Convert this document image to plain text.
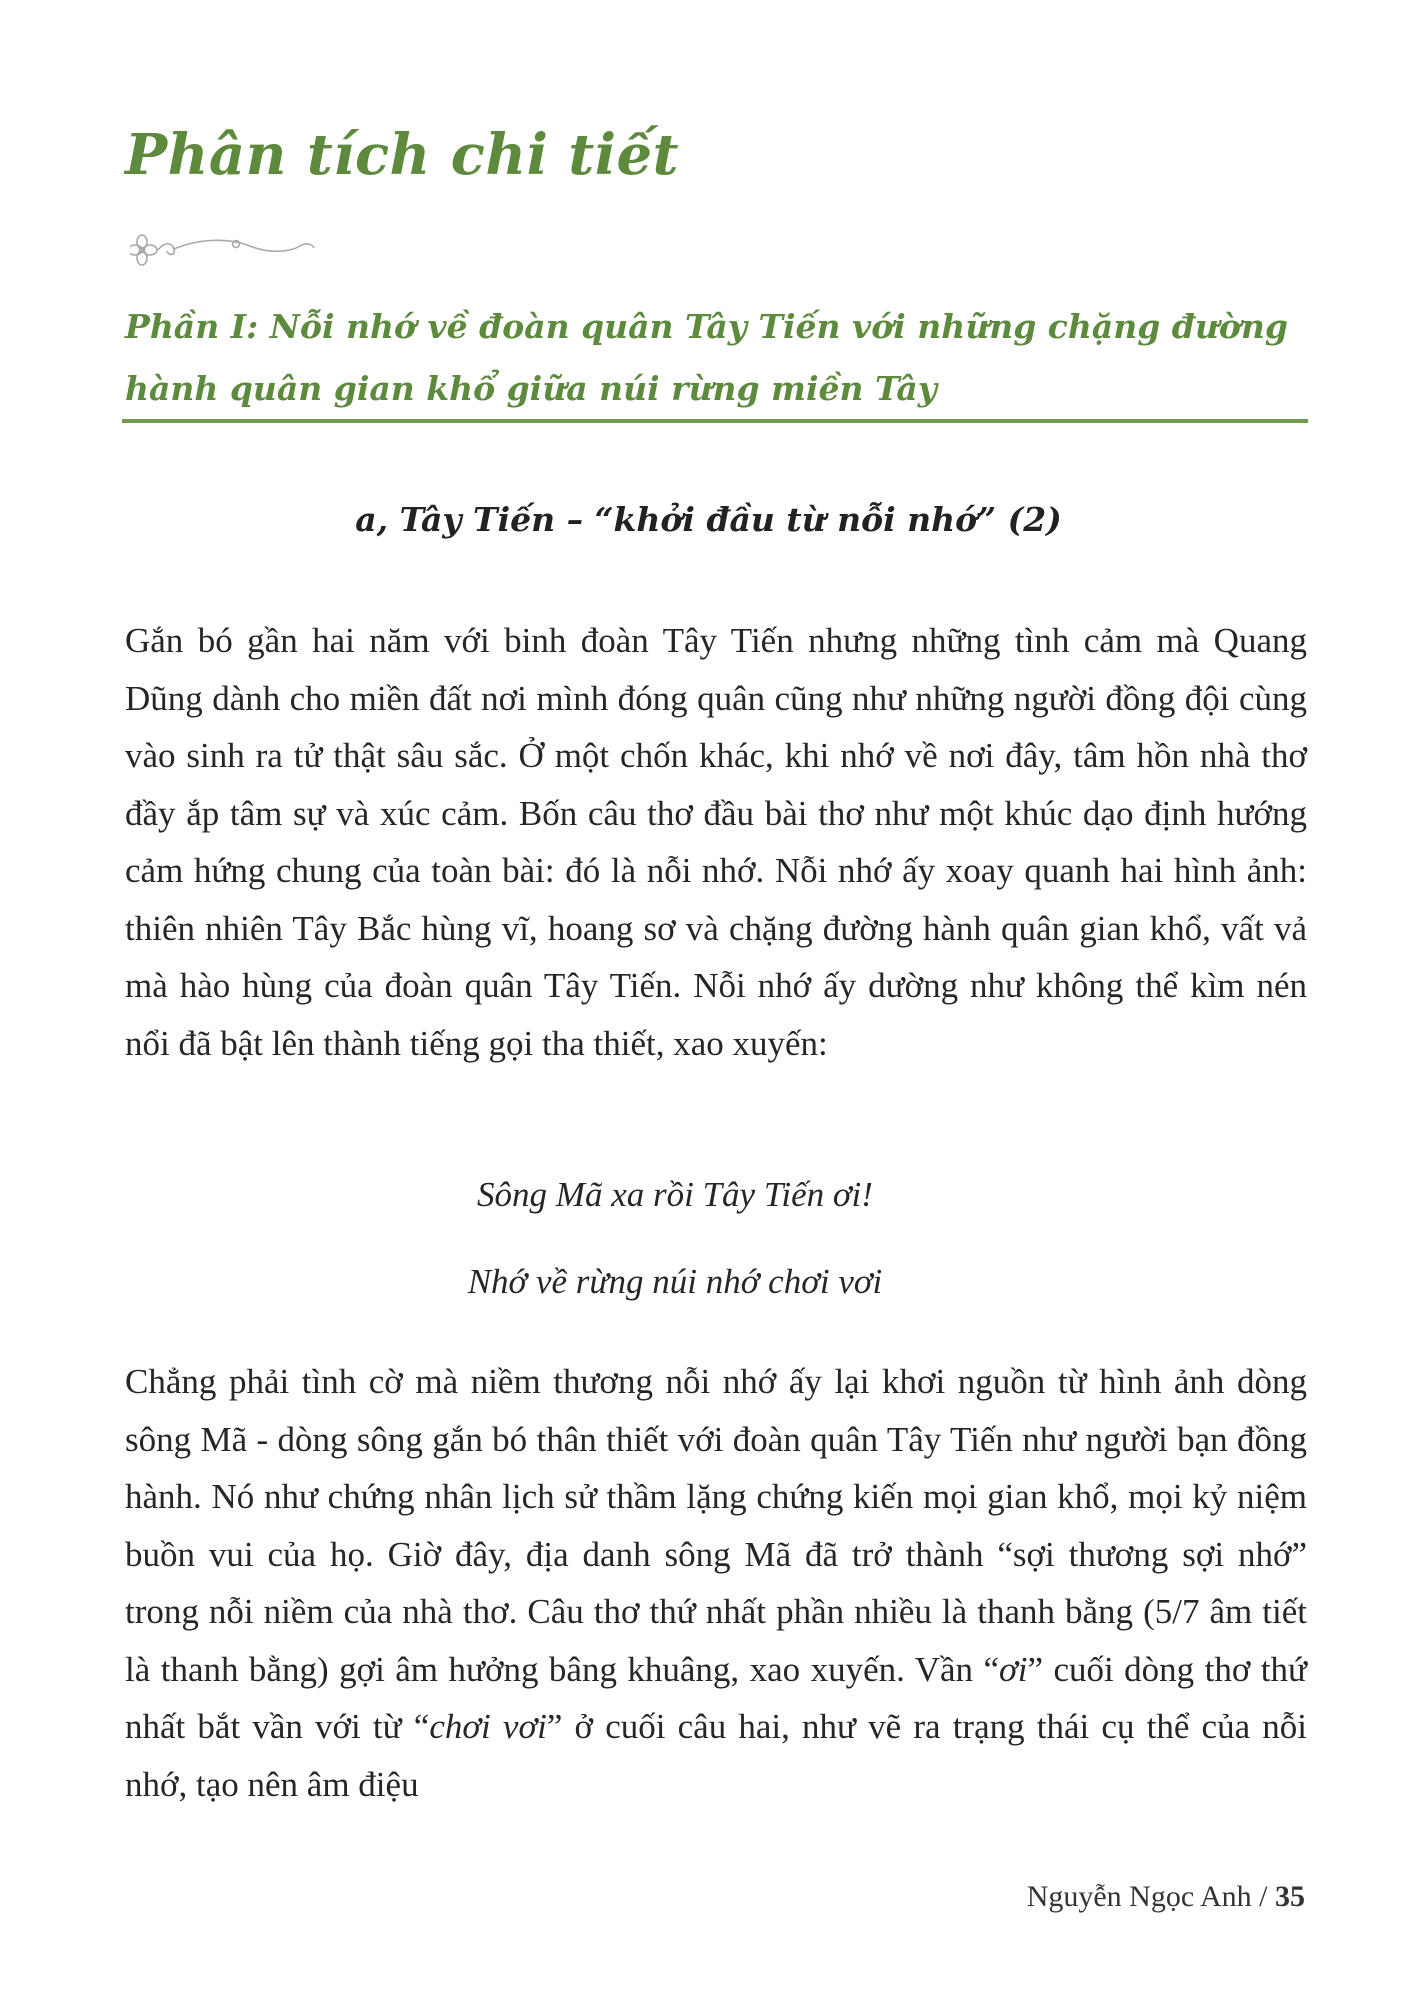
Phân tích chi tiết
Phần I: Nỗi nhớ về đoàn quân Tây Tiến với những chặng đường hành quân gian khổ giữa núi rừng miền Tây
a, Tây Tiến – “khởi đầu từ nỗi nhớ” (2)

Gắn bó gần hai năm với binh đoàn Tây Tiến nhưng những tình cảm mà Quang Dũng dành cho miền đất nơi mình đóng quân cũng như những người đồng đội cùng vào sinh ra tử thật sâu sắc. Ở một chốn khác, khi nhớ về nơi đây, tâm hồn nhà thơ đầy ắp tâm sự và xúc cảm. Bốn câu thơ đầu bài thơ như một khúc dạo định hướng cảm hứng chung của toàn bài: đó là nỗi nhớ. Nỗi nhớ ấy xoay quanh hai hình ảnh: thiên nhiên Tây Bắc hùng vĩ, hoang sơ và chặng đường hành quân gian khổ, vất vả mà hào hùng của đoàn quân Tây Tiến. Nỗi nhớ ấy dường như không thể kìm nén nổi đã bật lên thành tiếng gọi tha thiết, xao xuyến:

Sông Mã xa rồi Tây Tiến ơi!

Nhớ về rừng núi nhớ chơi vơi

Chẳng phải tình cờ mà niềm thương nỗi nhớ ấy lại khơi nguồn từ hình ảnh dòng sông Mã - dòng sông gắn bó thân thiết với đoàn quân Tây Tiến như người bạn đồng hành. Nó như chứng nhân lịch sử thầm lặng chứng kiến mọi gian khổ, mọi kỷ niệm buồn vui của họ. Giờ đây, địa danh sông Mã đã trở thành “sợi thương sợi nhớ” trong nỗi niềm của nhà thơ. Câu thơ thứ nhất phần nhiều là thanh bằng (5/7 âm tiết là thanh bằng) gợi âm hưởng bâng khuâng, xao xuyến. Vần “ơi” cuối dòng thơ thứ nhất bắt vần với từ “chơi vơi” ở cuối câu hai, như vẽ ra trạng thái cụ thể của nỗi nhớ, tạo nên âm điệu

Nguyễn Ngọc Anh / 35
